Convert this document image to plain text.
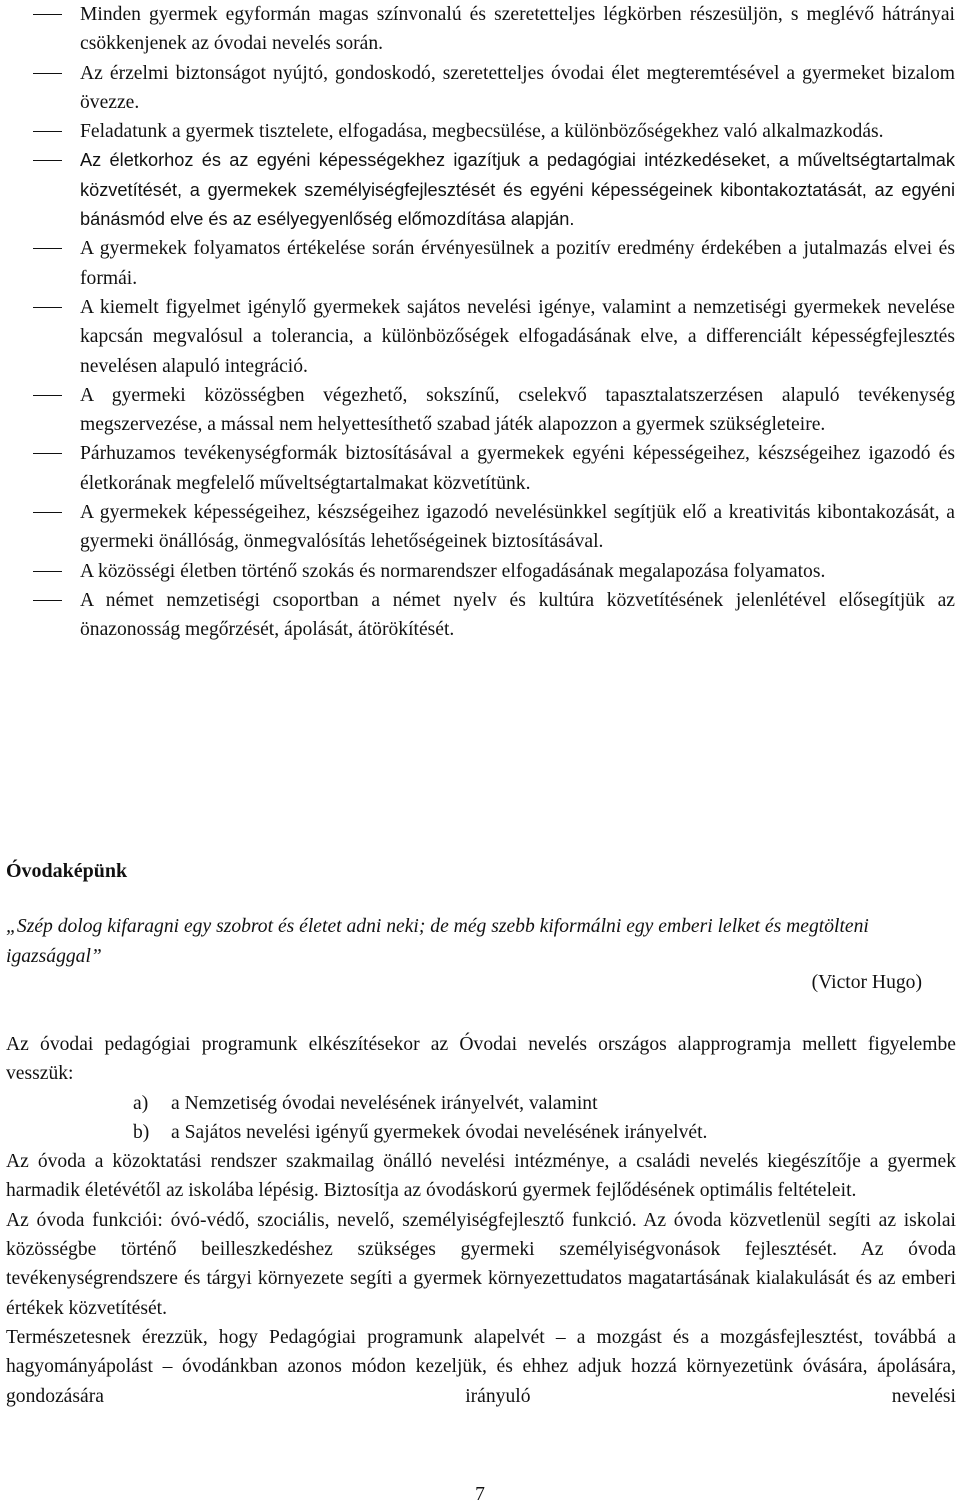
Minden gyermek egyformán magas színvonalú és szeretetteljes légkörben részesüljön, s meglévő hátrányai csökkenjenek az óvodai nevelés során.
Az érzelmi biztonságot nyújtó, gondoskodó, szeretetteljes óvodai élet megteremtésével a gyermeket bizalom övezze.
Feladatunk a gyermek tisztelete, elfogadása, megbecsülése, a különbözőségekhez való alkalmazkodás.
Az életkorhoz és az egyéni képességekhez igazítjuk a pedagógiai intézkedéseket, a műveltségtartalmak közvetítését, a gyermekek személyiségfejlesztését és egyéni képességeinek kibontakoztatását, az egyéni bánásmód elve és az esélyegyenlőség előmozdítása alapján.
A gyermekek folyamatos értékelése során érvényesülnek a pozitív eredmény érdekében a jutalmazás elvei és formái.
A kiemelt figyelmet igénylő gyermekek sajátos nevelési igénye, valamint a nemzetiségi gyermekek nevelése kapcsán megvalósul a tolerancia, a különbözőségek elfogadásának elve, a differenciált képességfejlesztés nevelésen alapuló integráció.
A gyermeki közösségben végezhető, sokszínű, cselekvő tapasztalatszerzésen alapuló tevékenység megszervezése, a mással nem helyettesíthető szabad játék alapozzon a gyermek szükségleteire.
Párhuzamos tevékenységformák biztosításával a gyermekek egyéni képességeihez, készségeihez igazodó és életkorának megfelelő műveltségtartalmakat közvetítünk.
A gyermekek képességeihez, készségeihez igazodó nevelésünkkel segítjük elő a kreativitás kibontakozását, a gyermeki önállóság, önmegvalósítás lehetőségeinek biztosításával.
A közösségi életben történő szokás és normarendszer elfogadásának megalapozása folyamatos.
A német nemzetiségi csoportban a német nyelv és kultúra közvetítésének jelenlétével elősegítjük az önazonosság megőrzését, ápolását, átörökítését.
Óvodaképünk
„Szép dolog kifaragni egy szobrot és életet adni neki; de még szebb kiformálni egy emberi lelket és megtölteni igazsággal”
(Victor Hugo)

Az óvodai pedagógiai programunk elkészítésekor az Óvodai nevelés országos alapprogramja mellett figyelembe vesszük:

a) a Nemzetiség óvodai nevelésének irányelvét, valamint

b) a Sajátos nevelési igényű gyermekek óvodai nevelésének irányelvét.

Az óvoda a közoktatási rendszer szakmailag önálló nevelési intézménye, a családi nevelés kiegészítője a gyermek harmadik életévétől az iskolába lépésig. Biztosítja az óvodáskorú gyermek fejlődésének optimális feltételeit.

Az óvoda funkciói: óvó-védő, szociális, nevelő, személyiségfejlesztő funkció. Az óvoda közvetlenül segíti az iskolai közösségbe történő beilleszkedéshez szükséges gyermeki személyiségvonások fejlesztését. Az óvoda tevékenységrendszere és tárgyi környezete segíti a gyermek környezettudatos magatartásának kialakulását és az emberi értékek közvetítését.

Természetesnek érezzük, hogy Pedagógiai programunk alapelvét – a mozgást és a mozgásfejlesztést, továbbá a hagyományápolást – óvodánkban azonos módon kezeljük, és ehhez adjuk hozzá környezetünk óvására, ápolására, gondozására irányuló nevelési

7
